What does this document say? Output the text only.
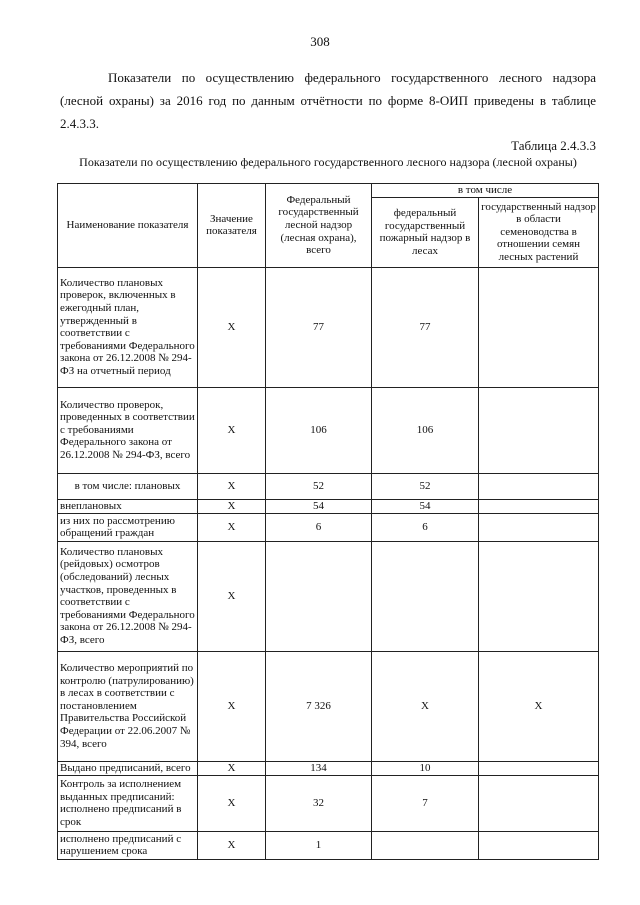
308
Показатели по осуществлению федерального государственного лесного надзора (лесной охраны) за 2016 год по данным отчётности по форме 8-ОИП приведены в таблице 2.4.3.3.
Таблица 2.4.3.3
Показатели по осуществлению федерального государственного лесного надзора (лесной охраны)
Наименование показателя	Значение показателя	Федеральный государственный лесной надзор (лесная охрана), всего	в том числе	
			федеральный государственный пожарный надзор в лесах	государственный надзор в области семеноводства в отношении семян лесных растений
Количество плановых проверок, включенных в ежегодный план, утвержденный в соответствии с требованиями Федерального закона от 26.12.2008 № 294-ФЗ на отчетный период	X	77	77	
Количество проверок, проведенных в соответствии с требованиями Федерального закона от 26.12.2008 № 294-ФЗ, всего	X	106	106	
в том числе: плановых	X	52	52	
внеплановых	X	54	54	
из них по рассмотрению обращений граждан	X	6	6	
Количество плановых (рейдовых) осмотров (обследований) лесных участков, проведенных в соответствии с требованиями Федерального закона от 26.12.2008 № 294-ФЗ, всего	X			
Количество мероприятий по контролю (патрулированию) в лесах в соответствии с постановлением Правительства Российской Федерации от 22.06.2007 № 394, всего	X	7 326	X	X
Выдано предписаний, всего	X	134	10	
Контроль за исполнением выданных предписаний: исполнено предписаний в срок	X	32	7	
исполнено предписаний с нарушением срока	X	1		
